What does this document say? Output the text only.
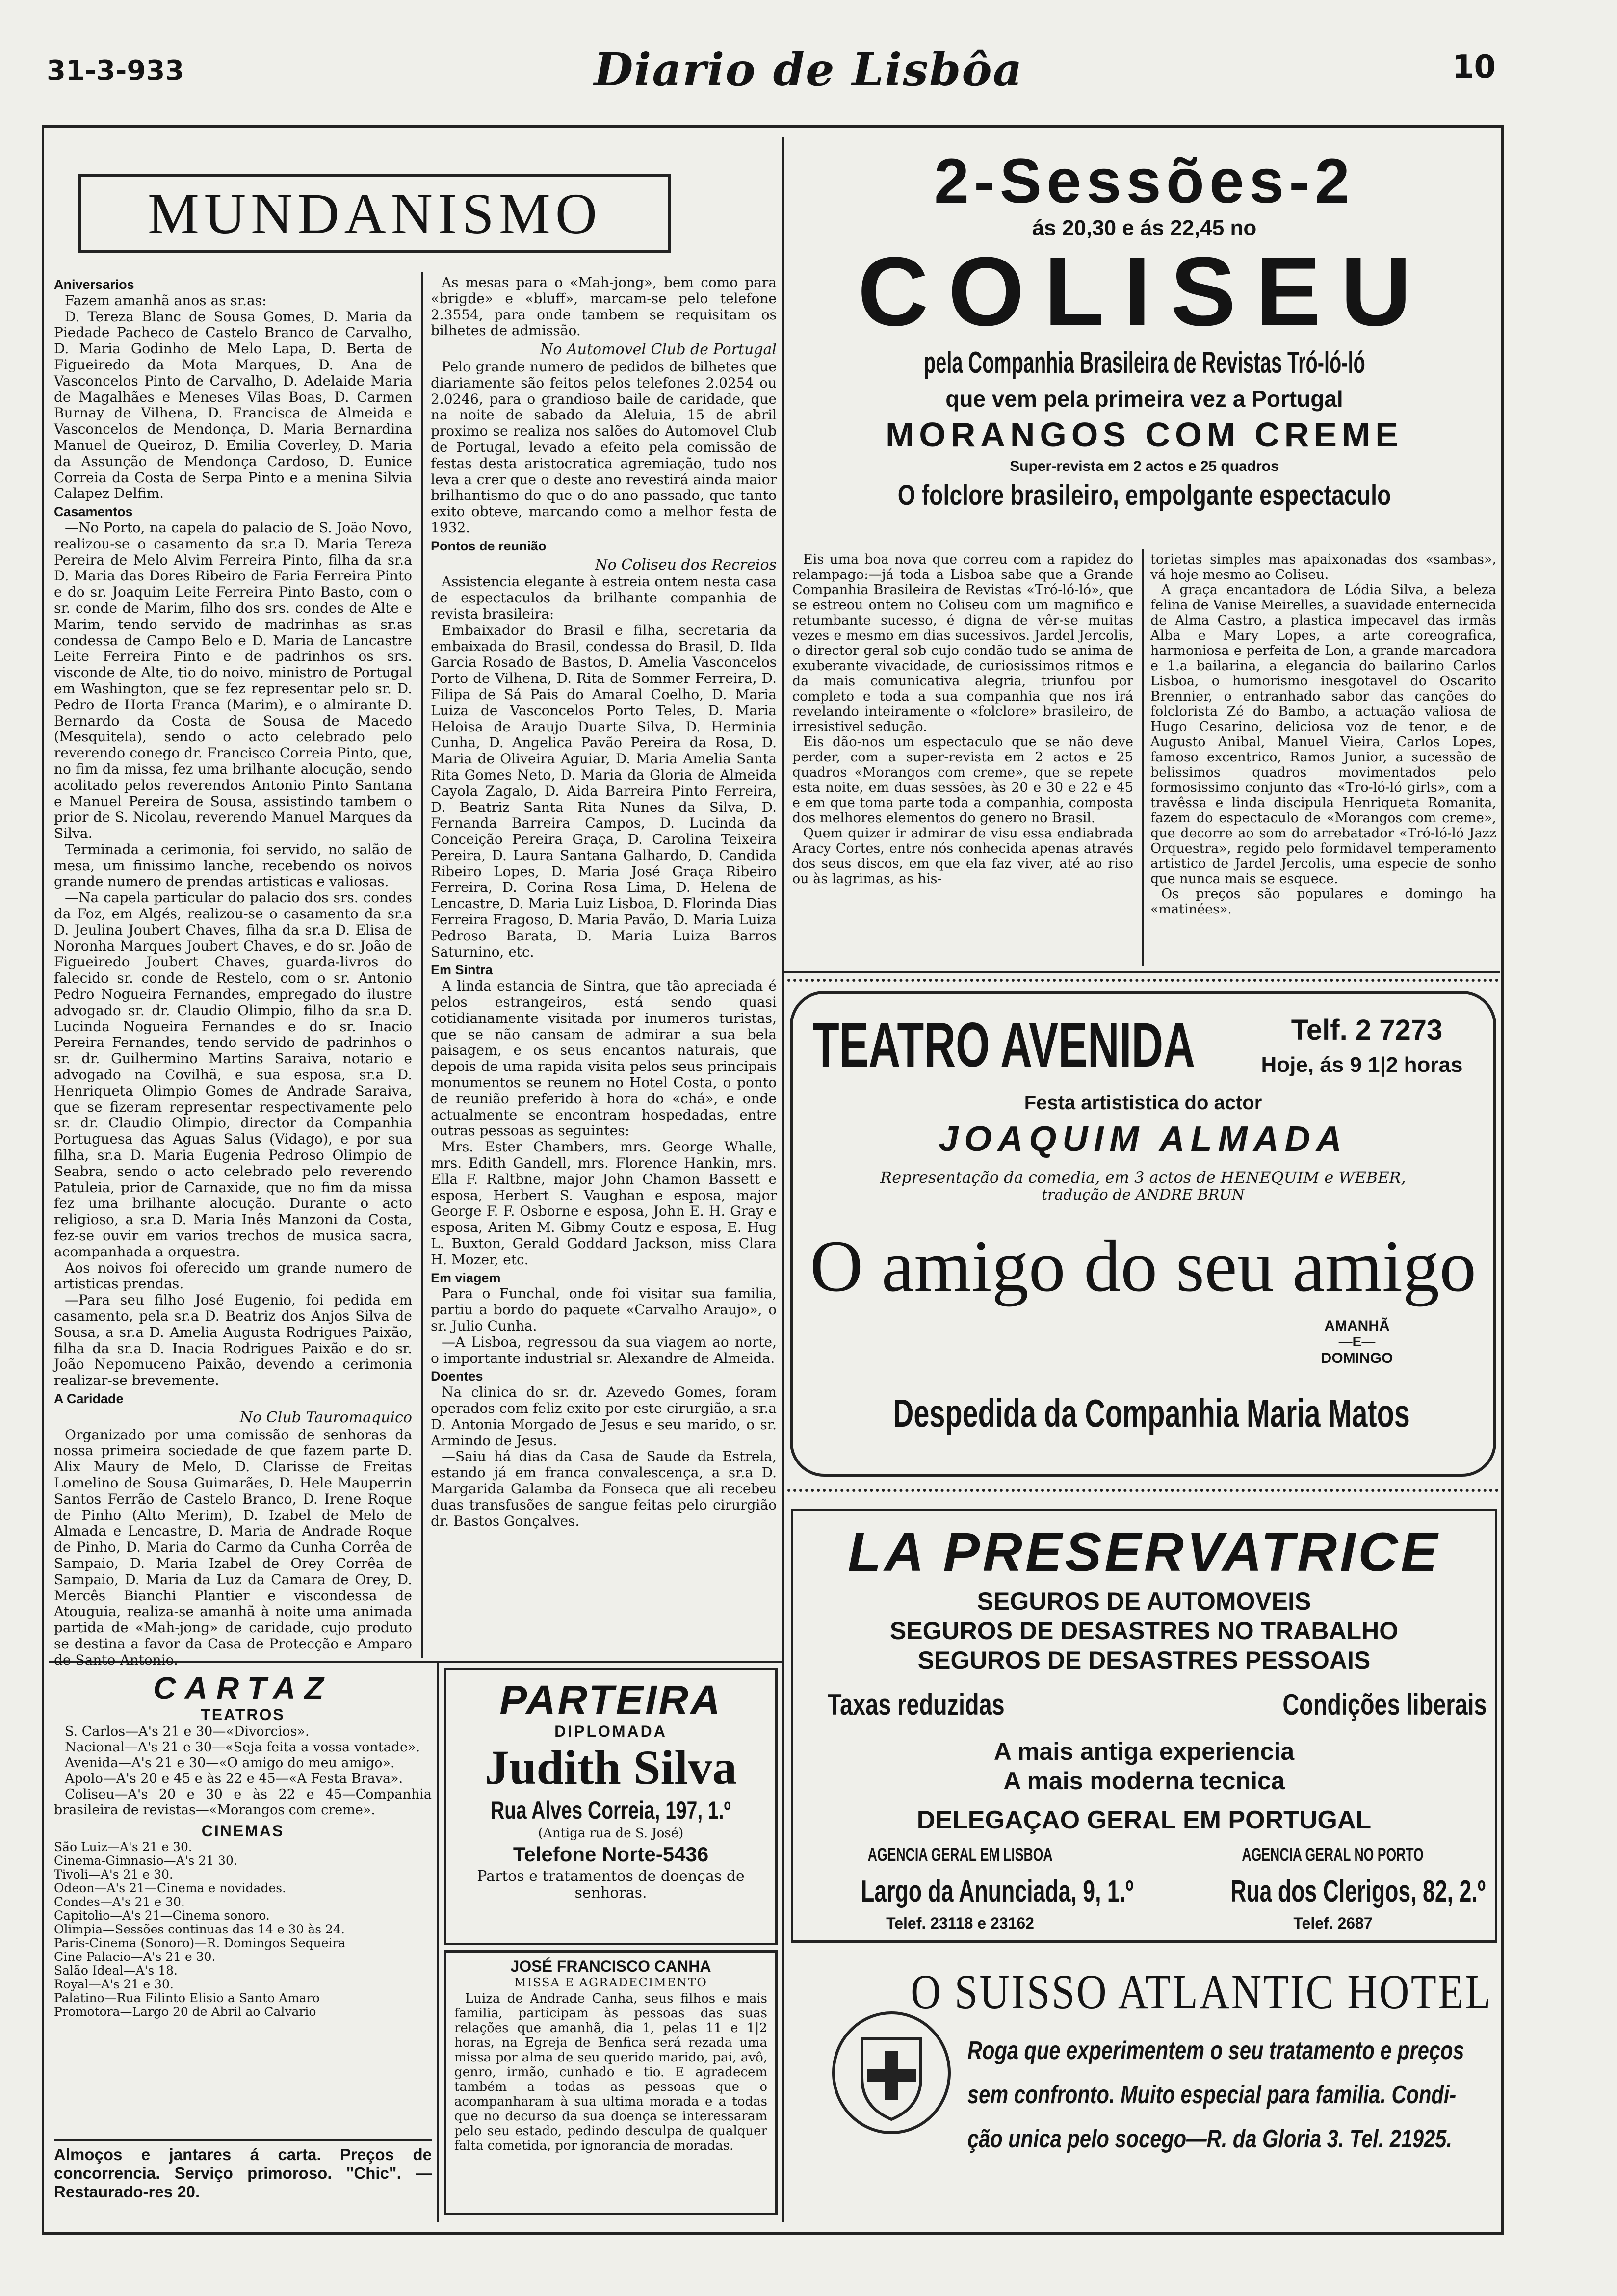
31-3-933	Diario de Lisbôa	10
MUNDANISMO

Aniversarios

Fazem amanhã anos as sr.as:

D. Tereza Blanc de Sousa Gomes, D. Maria da Piedade Pacheco de Castelo Branco de Carvalho, D. Maria Godinho de Melo Lapa, D. Berta de Figueiredo da Mota Marques, D. Ana de Vasconcelos Pinto de Carvalho, D. Adelaide Maria de Magalhães e Meneses Vilas Boas, D. Carmen Burnay de Vilhena, D. Francisca de Almeida e Vasconcelos de Mendonça, D. Maria Bernardina Manuel de Queiroz, D. Emilia Coverley, D. Maria da Assunção de Mendonça Cardoso, D. Eunice Correia da Costa de Serpa Pinto e a menina Silvia Calapez Delfim.

Casamentos

—No Porto, na capela do palacio de S. João Novo, realizou-se o casamento da sr.a D. Maria Tereza Pereira de Melo Alvim Ferreira Pinto, filha da sr.a D. Maria das Dores Ribeiro de Faria Ferreira Pinto e do sr. Joaquim Leite Ferreira Pinto Basto, com o sr. conde de Marim, filho dos srs. condes de Alte e Marim, tendo servido de madrinhas as sr.as condessa de Campo Belo e D. Maria de Lancastre Leite Ferreira Pinto e de padrinhos os srs. visconde de Alte, tio do noivo, ministro de Portugal em Washington, que se fez representar pelo sr. D. Pedro de Horta Franca (Marim), e o almirante D. Bernardo da Costa de Sousa de Macedo (Mesquitela), sendo o acto celebrado pelo reverendo conego dr. Francisco Correia Pinto, que, no fim da missa, fez uma brilhante alocução, sendo acolitado pelos reverendos Antonio Pinto Santana e Manuel Pereira de Sousa, assistindo tambem o prior de S. Nicolau, reverendo Manuel Marques da Silva.

Terminada a cerimonia, foi servido, no salão de mesa, um finissimo lanche, recebendo os noivos grande numero de prendas artisticas e valiosas.

—Na capela particular do palacio dos srs. condes da Foz, em Algés, realizou-se o casamento da sr.a D. Jeulina Joubert Chaves, filha da sr.a D. Elisa de Noronha Marques Joubert Chaves, e do sr. João de Figueiredo Joubert Chaves, guarda-livros do falecido sr. conde de Restelo, com o sr. Antonio Pedro Nogueira Fernandes, empregado do ilustre advogado sr. dr. Claudio Olimpio, filho da sr.a D. Lucinda Nogueira Fernandes e do sr. Inacio Pereira Fernandes, tendo servido de padrinhos o sr. dr. Guilhermino Martins Saraiva, notario e advogado na Covilhã, e sua esposa, sr.a D. Henriqueta Olimpio Gomes de Andrade Saraiva, que se fizeram representar respectivamente pelo sr. dr. Claudio Olimpio, director da Companhia Portuguesa das Aguas Salus (Vidago), e por sua filha, sr.a D. Maria Eugenia Pedroso Olimpio de Seabra, sendo o acto celebrado pelo reverendo Patuleia, prior de Carnaxide, que no fim da missa fez uma brilhante alocução. Durante o acto religioso, a sr.a D. Maria Inês Manzoni da Costa, fez-se ouvir em varios trechos de musica sacra, acompanhada a orquestra.

Aos noivos foi oferecido um grande numero de artisticas prendas.

—Para seu filho José Eugenio, foi pedida em casamento, pela sr.a D. Beatriz dos Anjos Silva de Sousa, a sr.a D. Amelia Augusta Rodrigues Paixão, filha da sr.a D. Inacia Rodrigues Paixão e do sr. João Nepomuceno Paixão, devendo a cerimonia realizar-se brevemente.

A Caridade

No Club Tauromaquico

Organizado por uma comissão de senhoras da nossa primeira sociedade de que fazem parte D. Alix Maury de Melo, D. Clarisse de Freitas Lomelino de Sousa Guimarães, D. Hele Mauperrin Santos Ferrão de Castelo Branco, D. Irene Roque de Pinho (Alto Merim), D. Izabel de Melo de Almada e Lencastre, D. Maria de Andrade Roque de Pinho, D. Maria do Carmo da Cunha Corrêa de Sampaio, D. Maria Izabel de Orey Corrêa de Sampaio, D. Maria da Luz da Camara de Orey, D. Mercês Bianchi Plantier e viscondessa de Atouguia, realiza-se amanhã à noite uma animada partida de «Mah-jong» de caridade, cujo produto se destina a favor da Casa de Protecção e Amparo de Santo Antonio.

As mesas para o «Mah-jong», bem como para «brigde» e «bluff», marcam-se pelo telefone 2.3554, para onde tambem se requisitam os bilhetes de admissão.

No Automovel Club de Portugal

Pelo grande numero de pedidos de bilhetes que diariamente são feitos pelos telefones 2.0254 ou 2.0246, para o grandioso baile de caridade, que na noite de sabado da Aleluia, 15 de abril proximo se realiza nos salões do Automovel Club de Portugal, levado a efeito pela comissão de festas desta aristocratica agremiação, tudo nos leva a crer que o deste ano revestirá ainda maior brilhantismo do que o do ano passado, que tanto exito obteve, marcando como a melhor festa de 1932.

Pontos de reunião

No Coliseu dos Recreios

Assistencia elegante à estreia ontem nesta casa de espectaculos da brilhante companhia de revista brasileira:

Embaixador do Brasil e filha, secretaria da embaixada do Brasil, condessa do Brasil, D. Ilda Garcia Rosado de Bastos, D. Amelia Vasconcelos Porto de Vilhena, D. Rita de Sommer Ferreira, D. Filipa de Sá Pais do Amaral Coelho, D. Maria Luiza de Vasconcelos Porto Teles, D. Maria Heloisa de Araujo Duarte Silva, D. Herminia Cunha, D. Angelica Pavão Pereira da Rosa, D. Maria de Oliveira Aguiar, D. Maria Amelia Santa Rita Gomes Neto, D. Maria da Gloria de Almeida Cayola Zagalo, D. Aida Barreira Pinto Ferreira, D. Beatriz Santa Rita Nunes da Silva, D. Fernanda Barreira Campos, D. Lucinda da Conceição Pereira Graça, D. Carolina Teixeira Pereira, D. Laura Santana Galhardo, D. Candida Ribeiro Lopes, D. Maria José Graça Ribeiro Ferreira, D. Corina Rosa Lima, D. Helena de Lencastre, D. Maria Luiz Lisboa, D. Florinda Dias Ferreira Fragoso, D. Maria Pavão, D. Maria Luiza Pedroso Barata, D. Maria Luiza Barros Saturnino, etc.

Em Sintra

A linda estancia de Sintra, que tão apreciada é pelos estrangeiros, está sendo quasi cotidianamente visitada por inumeros turistas, que se não cansam de admirar a sua bela paisagem, e os seus encantos naturais, que depois de uma rapida visita pelos seus principais monumentos se reunem no Hotel Costa, o ponto de reunião preferido à hora do «chá», e onde actualmente se encontram hospedadas, entre outras pessoas as seguintes:

Mrs. Ester Chambers, mrs. George Whalle, mrs. Edith Gandell, mrs. Florence Hankin, mrs. Ella F. Raltbne, major John Chamon Bassett e esposa, Herbert S. Vaughan e esposa, major George F. F. Osborne e esposa, John E. H. Gray e esposa, Ariten M. Gibmy Coutz e esposa, E. Hug L. Buxton, Gerald Goddard Jackson, miss Clara H. Mozer, etc.

Em viagem

Para o Funchal, onde foi visitar sua familia, partiu a bordo do paquete «Carvalho Araujo», o sr. Julio Cunha.

—A Lisboa, regressou da sua viagem ao norte, o importante industrial sr. Alexandre de Almeida.

Doentes

Na clinica do sr. dr. Azevedo Gomes, foram operados com feliz exito por este cirurgião, a sr.a D. Antonia Morgado de Jesus e seu marido, o sr. Armindo de Jesus.

—Saiu há dias da Casa de Saude da Estrela, estando já em franca convalescença, a sr.a D. Margarida Galamba da Fonseca que ali recebeu duas transfusões de sangue feitas pelo cirurgião dr. Bastos Gonçalves.

CARTAZ
TEATROS

S. Carlos—A's 21 e 30—«Divorcios».

Nacional—A's 21 e 30—«Seja feita a vossa vontade».

Avenida—A's 21 e 30—«O amigo do meu amigo».

Apolo—A's 20 e 45 e às 22 e 45—«A Festa Brava».

Coliseu—A's 20 e 30 e às 22 e 45—Companhia brasileira de revistas—«Morangos com creme».

CINEMAS

São Luiz—A's 21 e 30.

Cinema-Gimnasio—A's 21 30.

Tivoli—A's 21 e 30.

Odeon—A's 21—Cinema e novidades.

Condes—A's 21 e 30.

Capitolio—A's 21—Cinema sonoro.

Olimpia—Sessões continuas das 14 e 30 às 24.

Paris-Cinema (Sonoro)—R. Domingos Sequeira

Cine Palacio—A's 21 e 30.

Salão Ideal—A's 18.

Royal—A's 21 e 30.

Palatino—Rua Filinto Elisio a Santo Amaro

Promotora—Largo 20 de Abril ao Calvario

Almoços e jantares á carta. Preços de concorrencia. Serviço primoroso. "Chic". — Restaurado-res 20.
PARTEIRA
DIPLOMADA
Judith Silva
Rua Alves Correia, 197, 1.º
(Antiga rua de S. José)
Telefone Norte-5436
Partos e tratamentos de doenças de senhoras.
JOSÉ FRANCISCO CANHA
MISSA E AGRADECIMENTO

Luiza de Andrade Canha, seus filhos e mais familia, participam às pessoas das suas relações que amanhã, dia 1, pelas 11 e 1|2 horas, na Egreja de Benfica será rezada uma missa por alma de seu querido marido, pai, avô, genro, irmão, cunhado e tio. E agradecem também a todas as pessoas que o acompanharam à sua ultima morada e a todas que no decurso da sua doença se interessaram pelo seu estado, pedindo desculpa de qualquer falta cometida, por ignorancia de moradas.

2-Sessões-2
ás 20,30 e ás 22,45 no
COLISEU
pela Companhia Brasileira de Revistas Tró-ló-ló
que vem pela primeira vez a Portugal
MORANGOS COM CREME
Super-revista em 2 actos e 25 quadros
O folclore brasileiro, empolgante espectaculo

Eis uma boa nova que correu com a rapidez do relampago:—já toda a Lisboa sabe que a Grande Companhia Brasileira de Revistas «Tró-ló-ló», que se estreou ontem no Coliseu com um magnifico e retumbante sucesso, é digna de vêr-se muitas vezes e mesmo em dias sucessivos. Jardel Jercolis, o director geral sob cujo condão tudo se anima de exuberante vivacidade, de curiosissimos ritmos e da mais comunicativa alegria, triunfou por completo e toda a sua companhia que nos irá revelando inteiramente o «folclore» brasileiro, de irresistivel sedução.

Eis dão-nos um espectaculo que se não deve perder, com a super-revista em 2 actos e 25 quadros «Morangos com creme», que se repete esta noite, em duas sessões, às 20 e 30 e 22 e 45 e em que toma parte toda a companhia, composta dos melhores elementos do genero no Brasil.

Quem quizer ir admirar de visu essa endiabrada Aracy Cortes, entre nós conhecida apenas através dos seus discos, em que ela faz viver, até ao riso ou às lagrimas, as his-

torietas simples mas apaixonadas dos «sambas», vá hoje mesmo ao Coliseu.

A graça encantadora de Lódia Silva, a beleza felina de Vanise Meirelles, a suavidade enternecida de Alma Castro, a plastica impecavel das irmãs Alba e Mary Lopes, a arte coreografica, harmoniosa e perfeita de Lon, a grande marcadora e 1.a bailarina, a elegancia do bailarino Carlos Lisboa, o humorismo inesgotavel do Oscarito Brennier, o entranhado sabor das canções do folclorista Zé do Bambo, a actuação valiosa de Hugo Cesarino, deliciosa voz de tenor, e de Augusto Anibal, Manuel Vieira, Carlos Lopes, famoso excentrico, Ramos Junior, a sucessão de belissimos quadros movimentados pelo formosissimo conjunto das «Tro-ló-ló girls», com a travêssa e linda discipula Henriqueta Romanita, fazem do espectaculo de «Morangos com creme», que decorre ao som do arrebatador «Tró-ló-ló Jazz Orquestra», regido pelo formidavel temperamento artistico de Jardel Jercolis, uma especie de sonho que nunca mais se esquece.

Os preços são populares e domingo ha «matinées».

TEATRO AVENIDA	Telf. 2 7273
Hoje, ás 9 1|2 horas
Festa artististica do actor
JOAQUIM ALMADA
Representação da comedia, em 3 actos de HENEQUIM e WEBER,
tradução de ANDRE BRUN
O amigo do seu amigo
AMANHÃ
—E—
DOMINGO
Despedida da Companhia Maria Matos
LA PRESERVATRICE
SEGUROS DE AUTOMOVEIS
SEGUROS DE DESASTRES NO TRABALHO
SEGUROS DE DESASTRES PESSOAIS
Taxas reduzidas	Condições liberais
A mais antiga experiencia
A mais moderna tecnica
DELEGAÇAO GERAL EM PORTUGAL
AGENCIA GERAL EM LISBOA
Largo da Anunciada, 9, 1.º
Telef. 23118 e 23162
AGENCIA GERAL NO PORTO
Rua dos Clerigos, 82, 2.º
Telef. 2687
O SUISSO ATLANTIC HOTEL
Roga que experimentem o seu tratamento e preços
sem confronto. Muito especial para familia. Condi-
ção unica pelo socego—R. da Gloria 3. Tel. 21925.
